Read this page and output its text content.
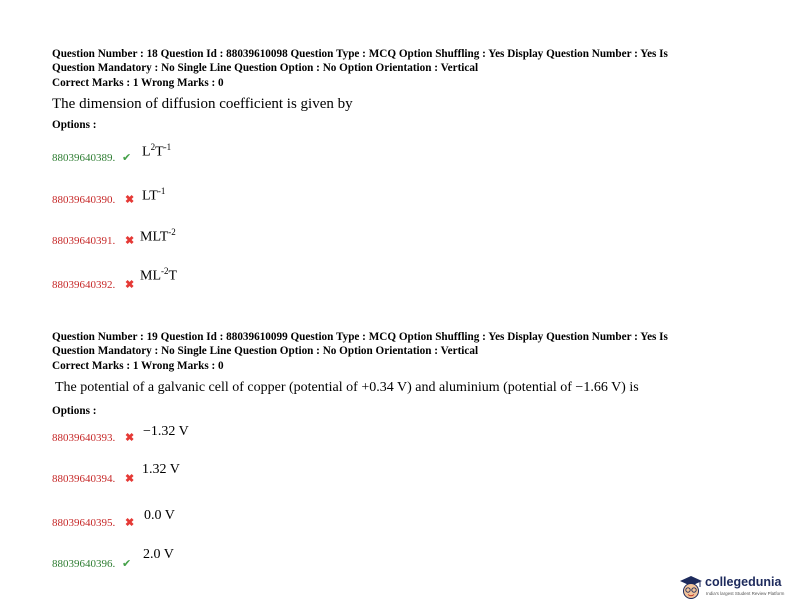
Question Number : 18 Question Id : 88039610098 Question Type : MCQ Option Shuffling : Yes Display Question Number : Yes Is
Question Mandatory : No Single Line Question Option : No Option Orientation : Vertical
Correct Marks : 1 Wrong Marks : 0
The dimension of diffusion coefficient is given by
Options :
88039640389. ✔ $L^2T^{-1}$
88039640390. ✖ $LT^{-1}$
88039640391. ✖ $MLT^{-2}$
88039640392. ✖
$ML^{-2}T$
Question Number : 19 Question Id : 88039610099 Question Type : MCQ Option Shuffling : Yes Display Question Number : Yes Is
Question Mandatory : No Single Line Question Option : No Option Orientation : Vertical
Correct Marks : 1 Wrong Marks : 0
The potential of a galvanic cell of copper (potential of +0.34 V) and aluminium (potential of −1.66 V) is
Options :
88039640393. ✖ −1.32 V
88039640394. ✖
1.32 V
88039640395. ✖ 0.0 V
88039640396. ✔
2.0 V
collegedunia
India's largest Student Review Platform
